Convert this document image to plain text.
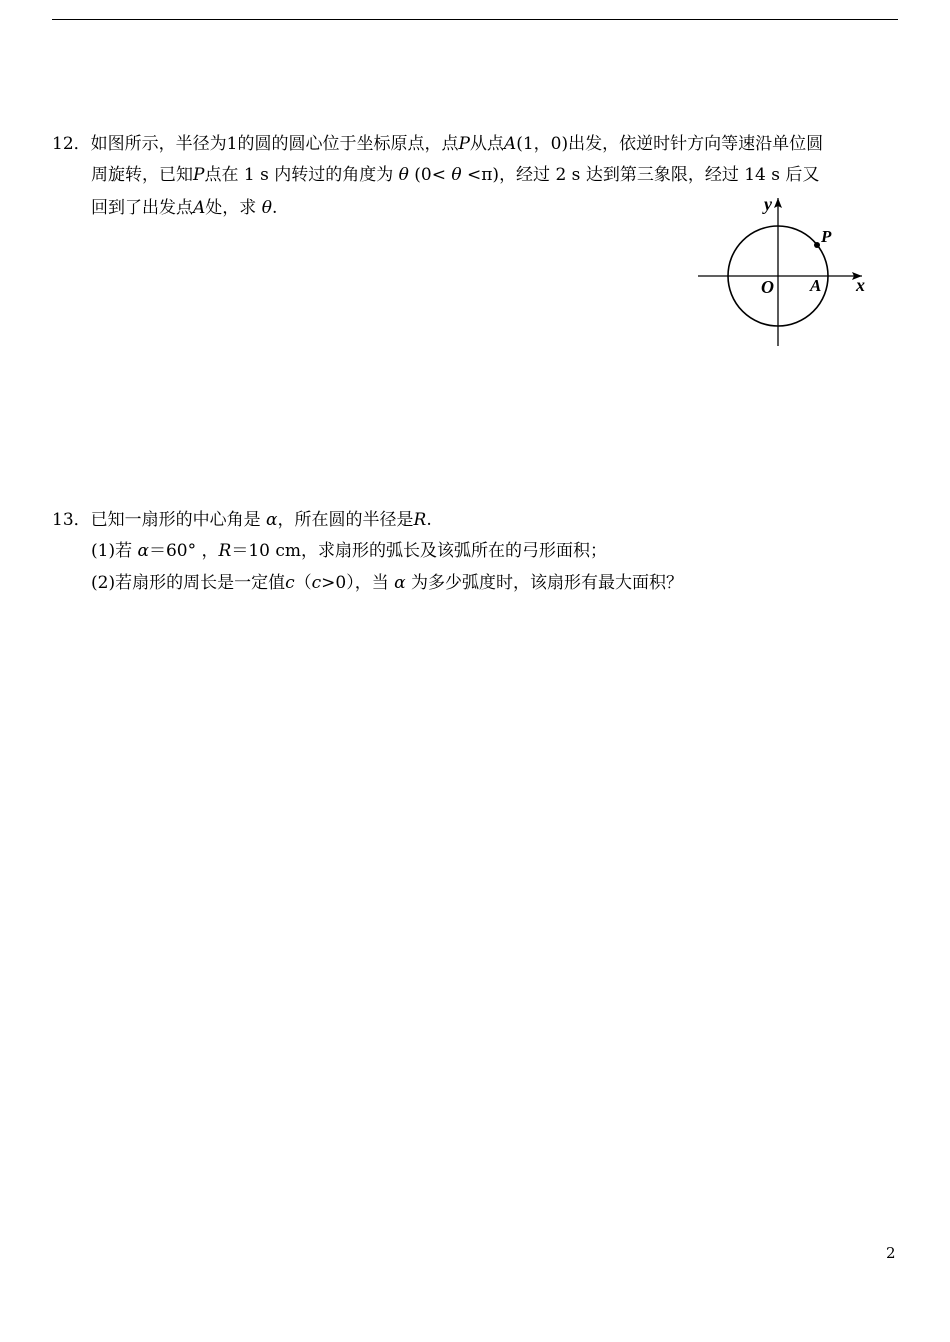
12．如图所示，半径为1的圆的圆心位于坐标原点，点P从点A(1，0)出发，依逆时针方向等速沿单位圆
周旋转，已知P点在 1 s 内转过的角度为 θ (0< θ <π)，经过 2 s 达到第三象限，经过 14 s 后又
回到了出发点A处，求 θ.	y
x
O A
P
13．已知一扇形的中心角是 α，所在圆的半径是R.
(1)若 α＝60° ，R＝10 cm，求扇形的弧长及该弧所在的弓形面积；
(2)若扇形的周长是一定值c（c>0），当 α 为多少弧度时，该扇形有最大面积？
2
